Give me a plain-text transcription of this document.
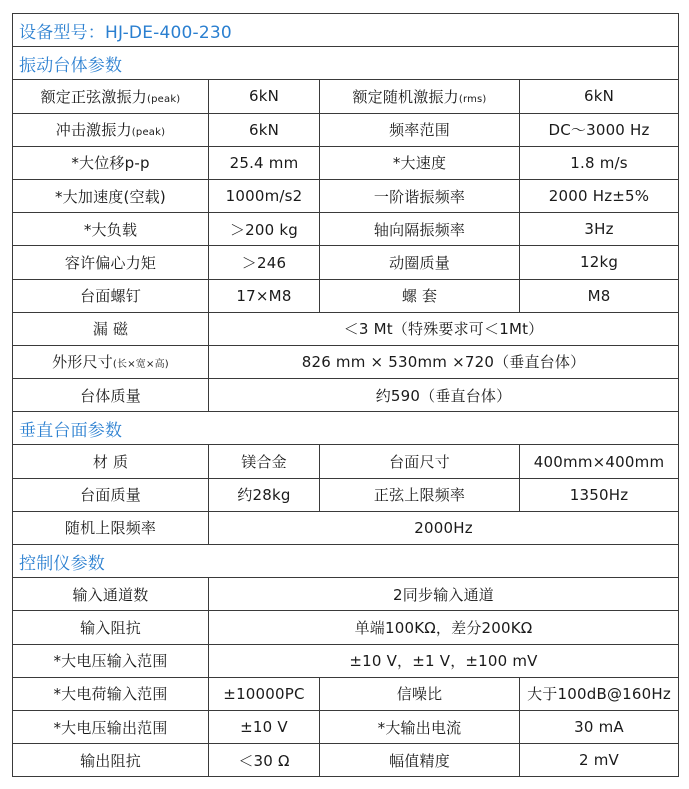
设备型号：HJ-DE-400-230			
振动台体参数			
额定正弦激振力(peak)	6kN	额定随机激振力(rms)	6kN
冲击激振力(peak)	6kN	频率范围	DC～3000 Hz
*大位移p-p	25.4 mm	*大速度	1.8 m/s
*大加速度(空载)	1000m/s2	一阶谐振频率	2000 Hz±5%
*大负载	＞200 kg	轴向隔振频率	3Hz
容许偏心力矩	＞246	动圈质量	12kg
台面螺钉	17×M8	螺 套	M8
漏 磁	＜3 Mt（特殊要求可＜1Mt）		
外形尺寸(长×宽×高)	826 mm × 530mm ×720（垂直台体）		
台体质量	约590（垂直台体）		
垂直台面参数			
材 质	镁合金	台面尺寸	400mm×400mm
台面质量	约28kg	正弦上限频率	1350Hz
随机上限频率	2000Hz		
控制仪参数			
输入通道数	2同步输入通道		
输入阻抗	单端100KΩ，差分200KΩ		
*大电压输入范围	±10 V，±1 V，±100 mV		
*大电荷输入范围	±10000PC	信噪比	大于100dB@160Hz
*大电压输出范围	±10 V	*大输出电流	30 mA
输出阻抗	＜30 Ω	幅值精度	2 mV
